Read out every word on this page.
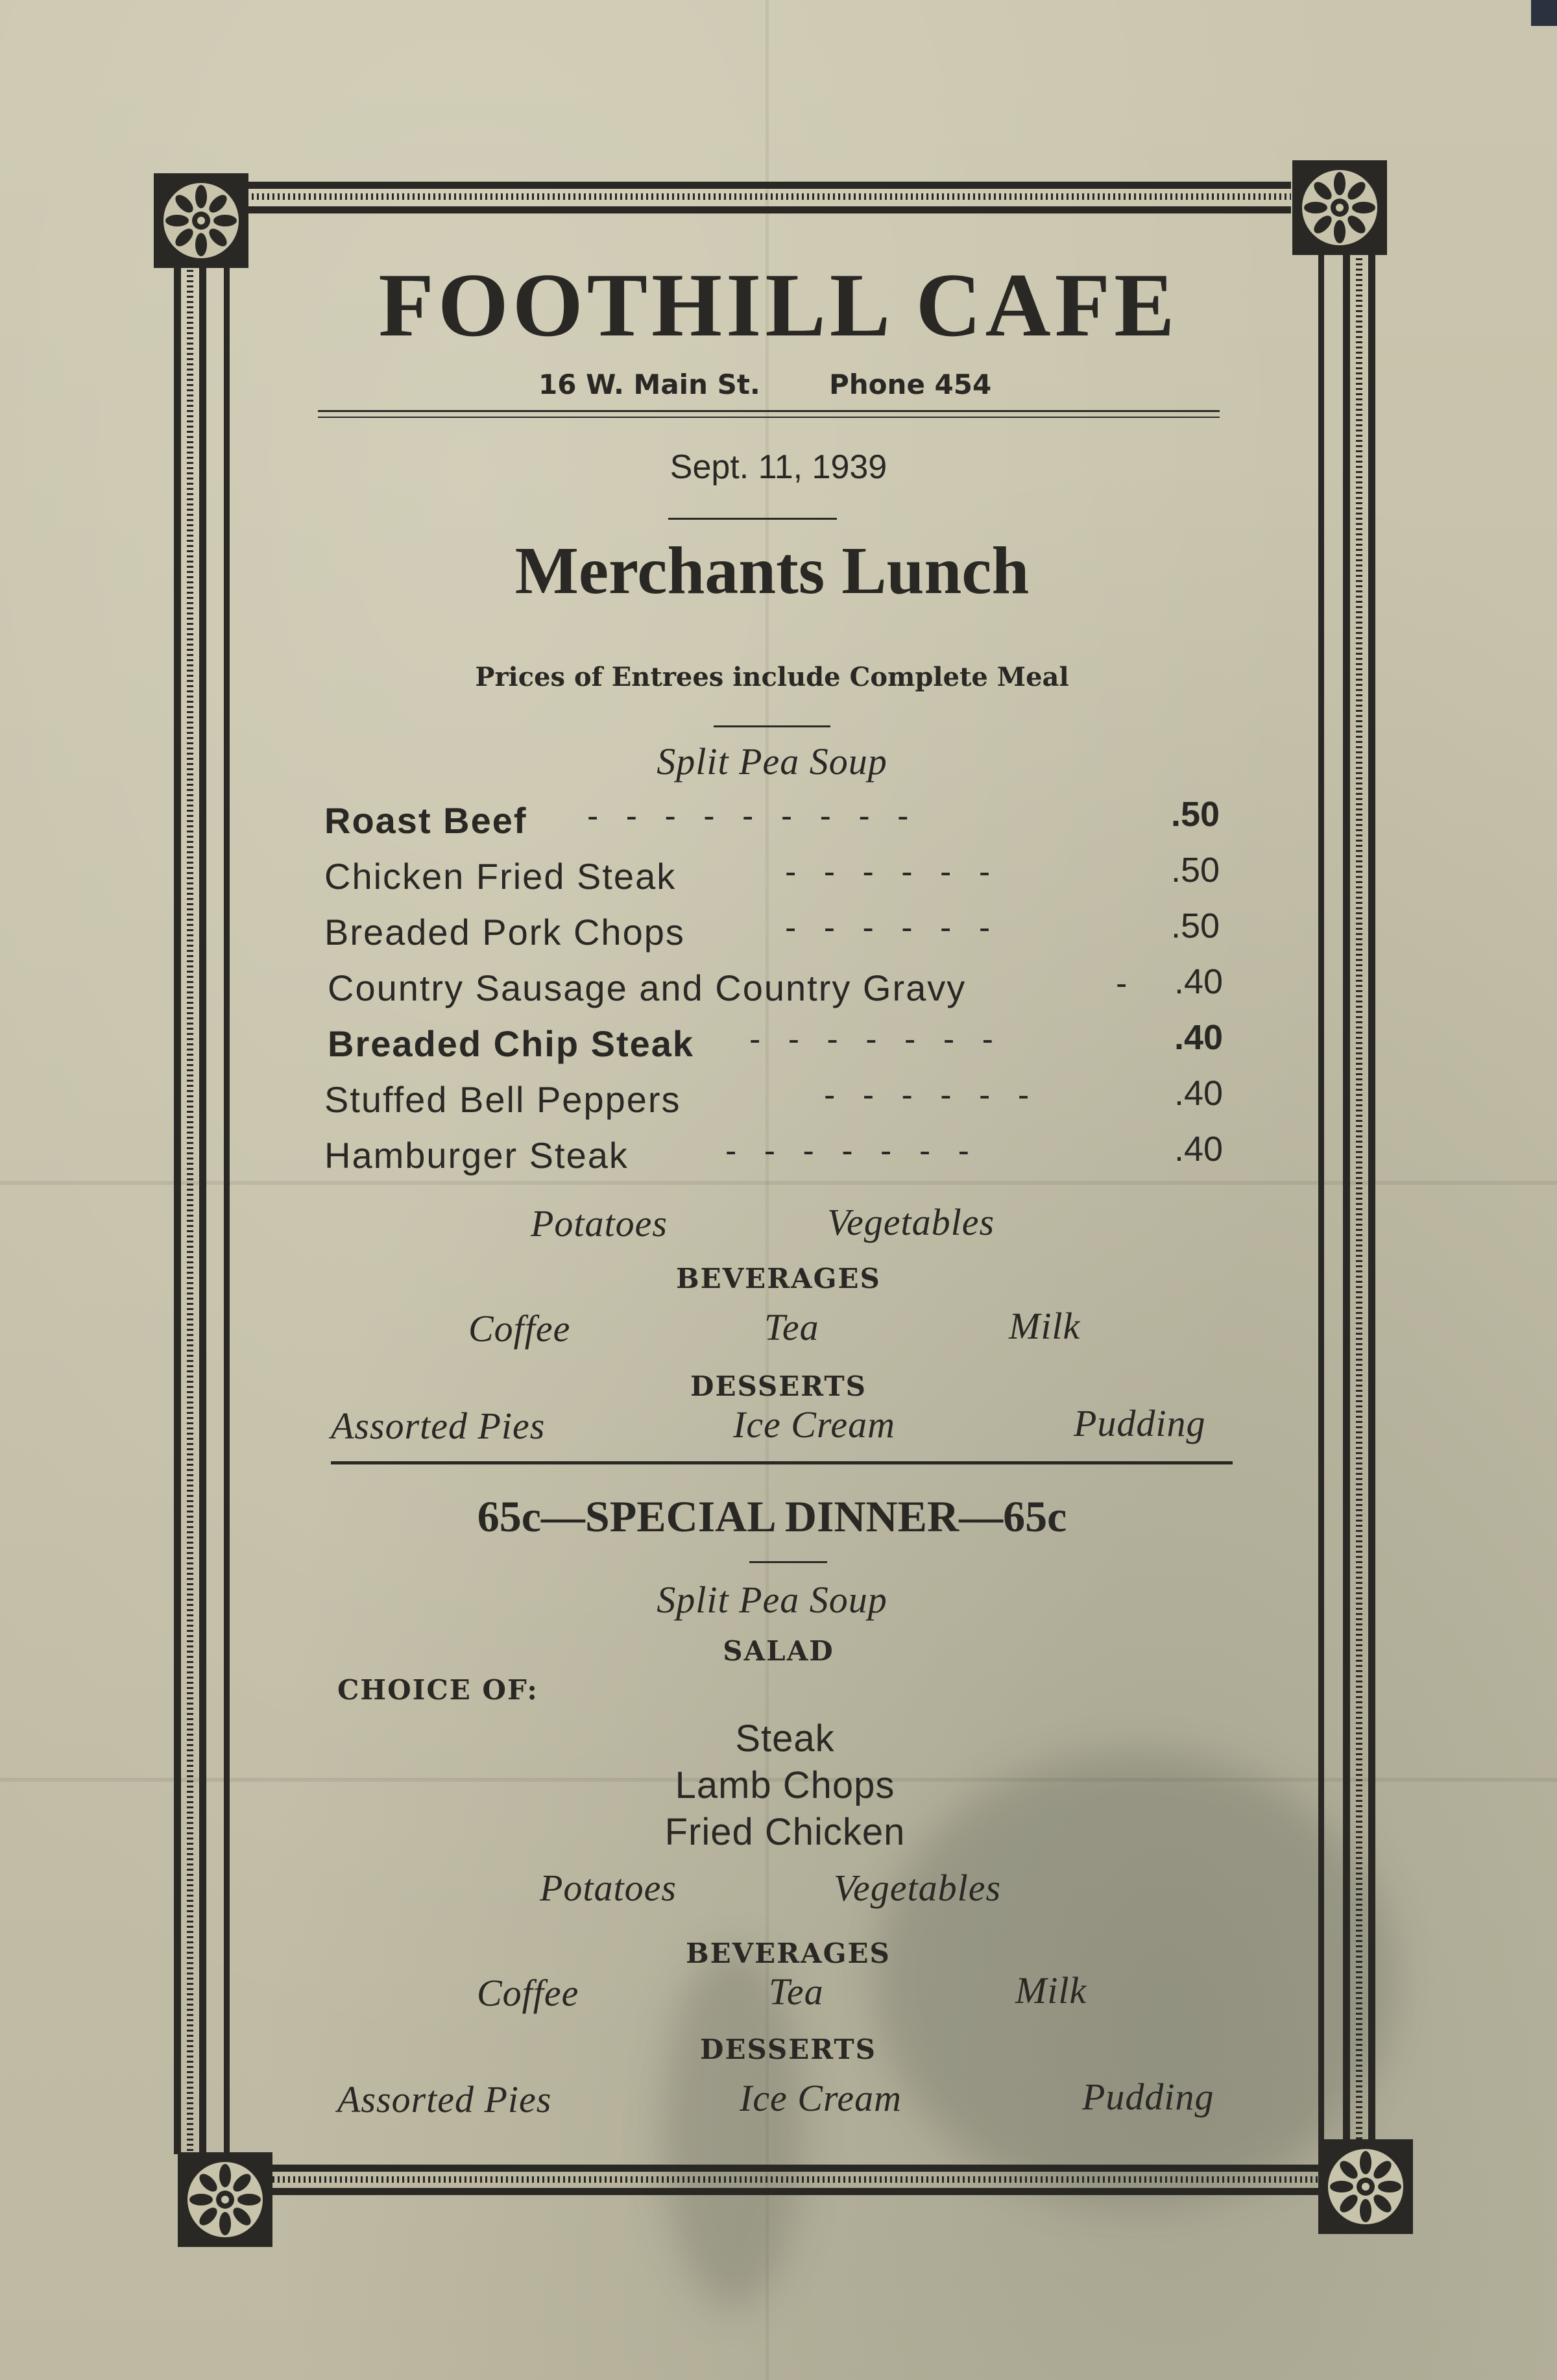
FOOTHILL CAFE
16 W. Main St.	Phone 454
Sept. 11, 1939
Merchants Lunch
Prices of Entrees include Complete Meal
Split Pea Soup
Roast Beef - - - - - - - - -	.50
Chicken Fried Steak	- - - - - -	.50
Breaded Pork Chops	- - - - - -	.50
Country Sausage and Country Gravy	- .40
Breaded Chip Steak - - - - - - -	.40
Stuffed Bell Peppers	- - - - - -	.40
Hamburger Steak	- - - - - - -	.40
Potatoes	Vegetables
BEVERAGES
Coffee	Tea	Milk
DESSERTS
Assorted Pies	Ice Cream	Pudding
65c—SPECIAL DINNER—65c
Split Pea Soup
SALAD
CHOICE OF:
Steak
Lamb Chops
Fried Chicken
Potatoes	Vegetables
BEVERAGES
Coffee	Tea	Milk
DESSERTS
Assorted Pies	Ice Cream	Pudding
